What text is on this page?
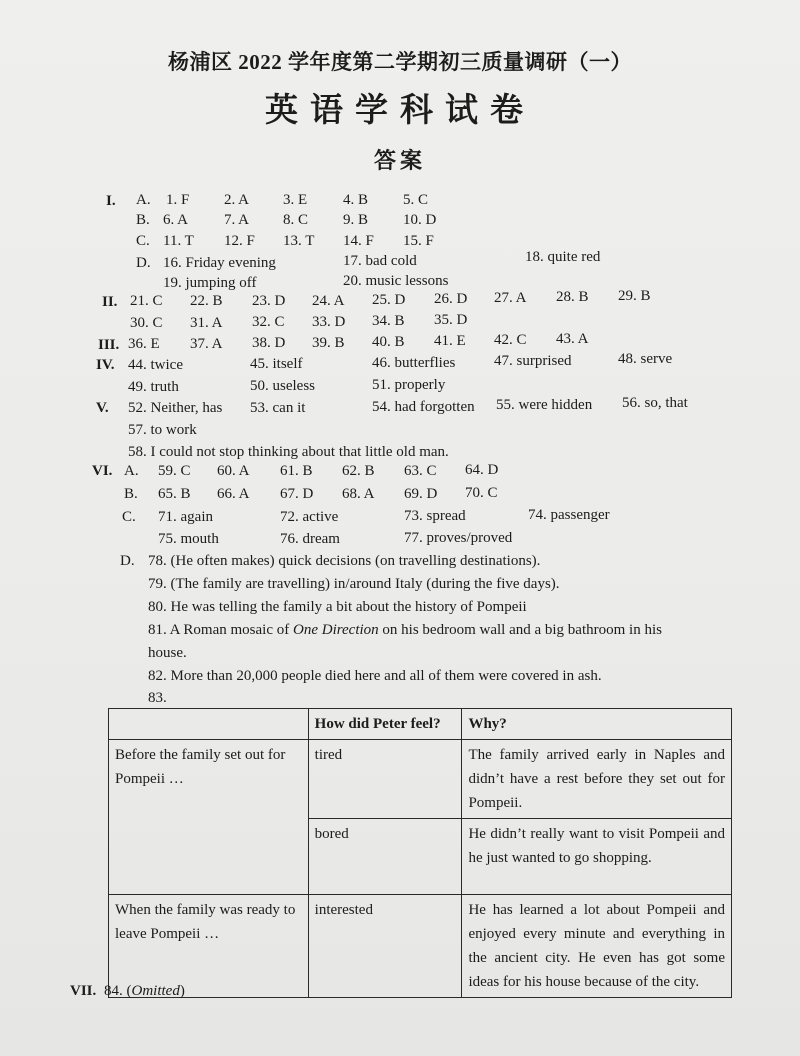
杨浦区 2022 学年度第二学期初三质量调研（一）
英语学科试卷
答案
I. A. 1. F 2. A 3. E 4. B 5. C
B. 6. A 7. A 8. C 9. B 10. D
C. 11. T 12. F 13. T 14. F 15. F
D. 16. Friday evening	17. bad cold	18. quite red
19. jumping off	20. music lessons
II. 21. C 22. B 23. D 24. A 25. D 26. D 27. A 28. B 29. B
30. C 31. A 32. C 33. D 34. B 35. D
III. 36. E 37. A 38. D 39. B 40. B 41. E 42. C 43. A
IV. 44. twice	45. itself	46. butterflies	47. surprised	48. serve
49. truth	50. useless	51. properly
V. 52. Neither, has 53. can it	54. had forgotten 55. were hidden 56. so, that
57. to work
58. I could not stop thinking about that little old man.
VI. A. 59. C 60. A 61. B 62. B 63. C 64. D
B. 65. B 66. A 67. D 68. A 69. D 70. C
C. 71. again	72. active	73. spread	74. passenger
75. mouth	76. dream	77. proves/proved
D. 78. (He often makes) quick decisions (on travelling destinations).
79. (The family are travelling) in/around Italy (during the five days).
80. He was telling the family a bit about the history of Pompeii
81. A Roman mosaic of One Direction on his bedroom wall and a big bathroom in his
house.
82. More than 20,000 people died here and all of them were covered in ash.
83.
	How did Peter feel?	Why?
Before the family set out for Pompeii …	tired	The family arrived early in Naples and didn’t have a rest before they set out for Pompeii.
	bored	He didn’t really want to visit Pompeii and he just wanted to go shopping.
When the family was ready to leave Pompeii …	interested	He has learned a lot about Pompeii and enjoyed every minute and everything in the ancient city. He even has got some ideas for his house because of the city.
VII. 84. (Omitted)
